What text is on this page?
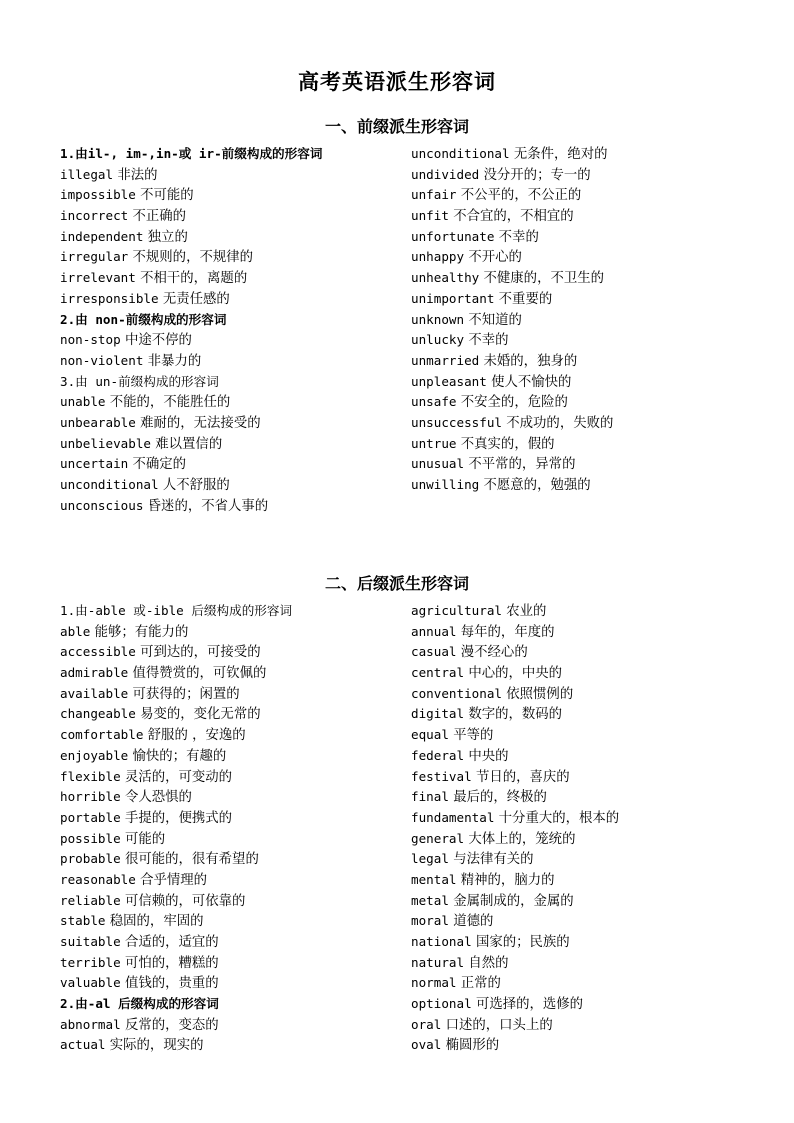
高考英语派生形容词
一、前缀派生形容词
1.由il-, im-,in-或 ir-前缀构成的形容词
illegal 非法的
impossible 不可能的
incorrect 不正确的
independent 独立的
irregular 不规则的，不规律的
irrelevant 不相干的，离题的
irresponsible 无责任感的
2.由 non-前缀构成的形容词
non-stop 中途不停的
non-violent 非暴力的
3.由 un-前缀构成的形容词
unable 不能的，不能胜任的
unbearable 难耐的，无法接受的
unbelievable 难以置信的
uncertain 不确定的
unconditional 人不舒服的
unconscious 昏迷的，不省人事的
unconditional 无条件，绝对的
undivided 没分开的；专一的
unfair 不公平的，不公正的
unfit 不合宜的，不相宜的
unfortunate 不幸的
unhappy 不开心的
unhealthy 不健康的，不卫生的
unimportant 不重要的
unknown 不知道的
unlucky 不幸的
unmarried 未婚的，独身的
unpleasant 使人不愉快的
unsafe 不安全的，危险的
unsuccessful 不成功的，失败的
untrue 不真实的，假的
unusual 不平常的，异常的
unwilling 不愿意的，勉强的
二、后缀派生形容词
1.由-able 或-ible 后缀构成的形容词
able 能够；有能力的
accessible 可到达的，可接受的
admirable 值得赞赏的，可钦佩的
available 可获得的；闲置的
changeable 易变的，变化无常的
comfortable 舒服的 ，安逸的
enjoyable 愉快的；有趣的
flexible 灵活的，可变动的
horrible 令人恐惧的
portable 手提的，便携式的
possible 可能的
probable 很可能的，很有希望的
reasonable 合乎情理的
reliable 可信赖的，可依靠的
stable 稳固的，牢固的
suitable 合适的，适宜的
terrible 可怕的，糟糕的
valuable 值钱的，贵重的
2.由-al 后缀构成的形容词
abnormal 反常的，变态的
actual 实际的，现实的
agricultural 农业的
annual 每年的，年度的
casual 漫不经心的
central 中心的，中央的
conventional 依照惯例的
digital 数字的，数码的
equal 平等的
federal 中央的
festival 节日的，喜庆的
final 最后的，终极的
fundamental 十分重大的，根本的
general 大体上的，笼统的
legal 与法律有关的
mental 精神的，脑力的
metal 金属制成的，金属的
moral 道德的
national 国家的；民族的
natural 自然的
normal 正常的
optional 可选择的，选修的
oral 口述的，口头上的
oval 椭圆形的
